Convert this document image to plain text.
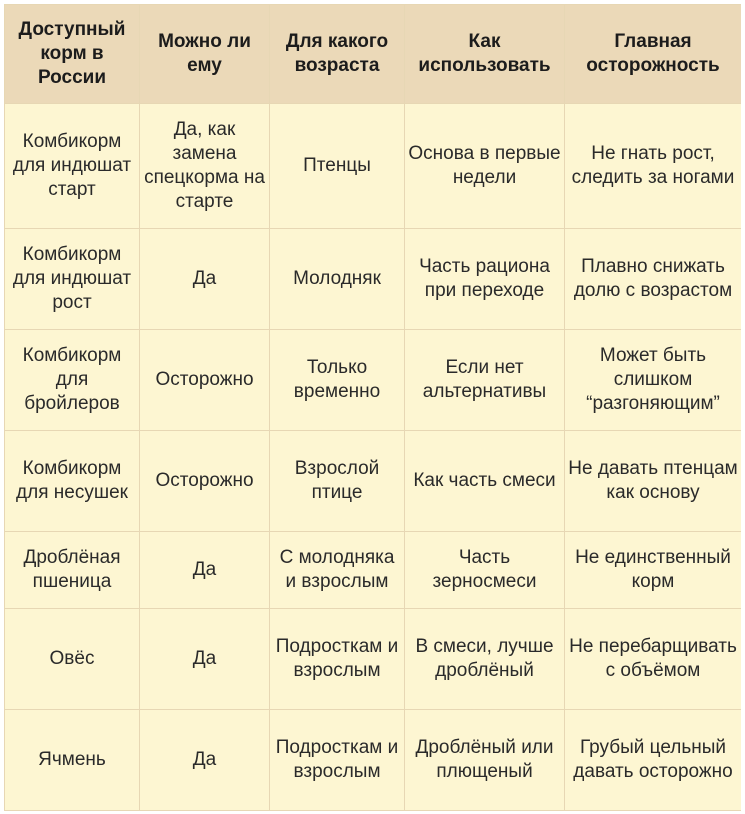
Доступный корм в России	Можно ли ему	Для какого возраста	Как использовать	Главная осторожность
Комбикорм для индюшат старт	Да, как замена спецкорма на старте	Птенцы	Основа в первые недели	Не гнать рост, следить за ногами
Комбикорм для индюшат рост	Да	Молодняк	Часть рациона при переходе	Плавно снижать долю с возрастом
Комбикорм для бройлеров	Осторожно	Только временно	Если нет альтернативы	Может быть слишком “разгоняющим”
Комбикорм для несушек	Осторожно	Взрослой птице	Как часть смеси	Не давать птенцам как основу
Дроблёная пшеница	Да	С молодняка и взрослым	Часть зерносмеси	Не единственный корм
Овёс	Да	Подросткам и взрослым	В смеси, лучше дроблёный	Не перебарщивать с объёмом
Ячмень	Да	Подросткам и взрослым	Дроблёный или плющеный	Грубый цельный давать осторожно
